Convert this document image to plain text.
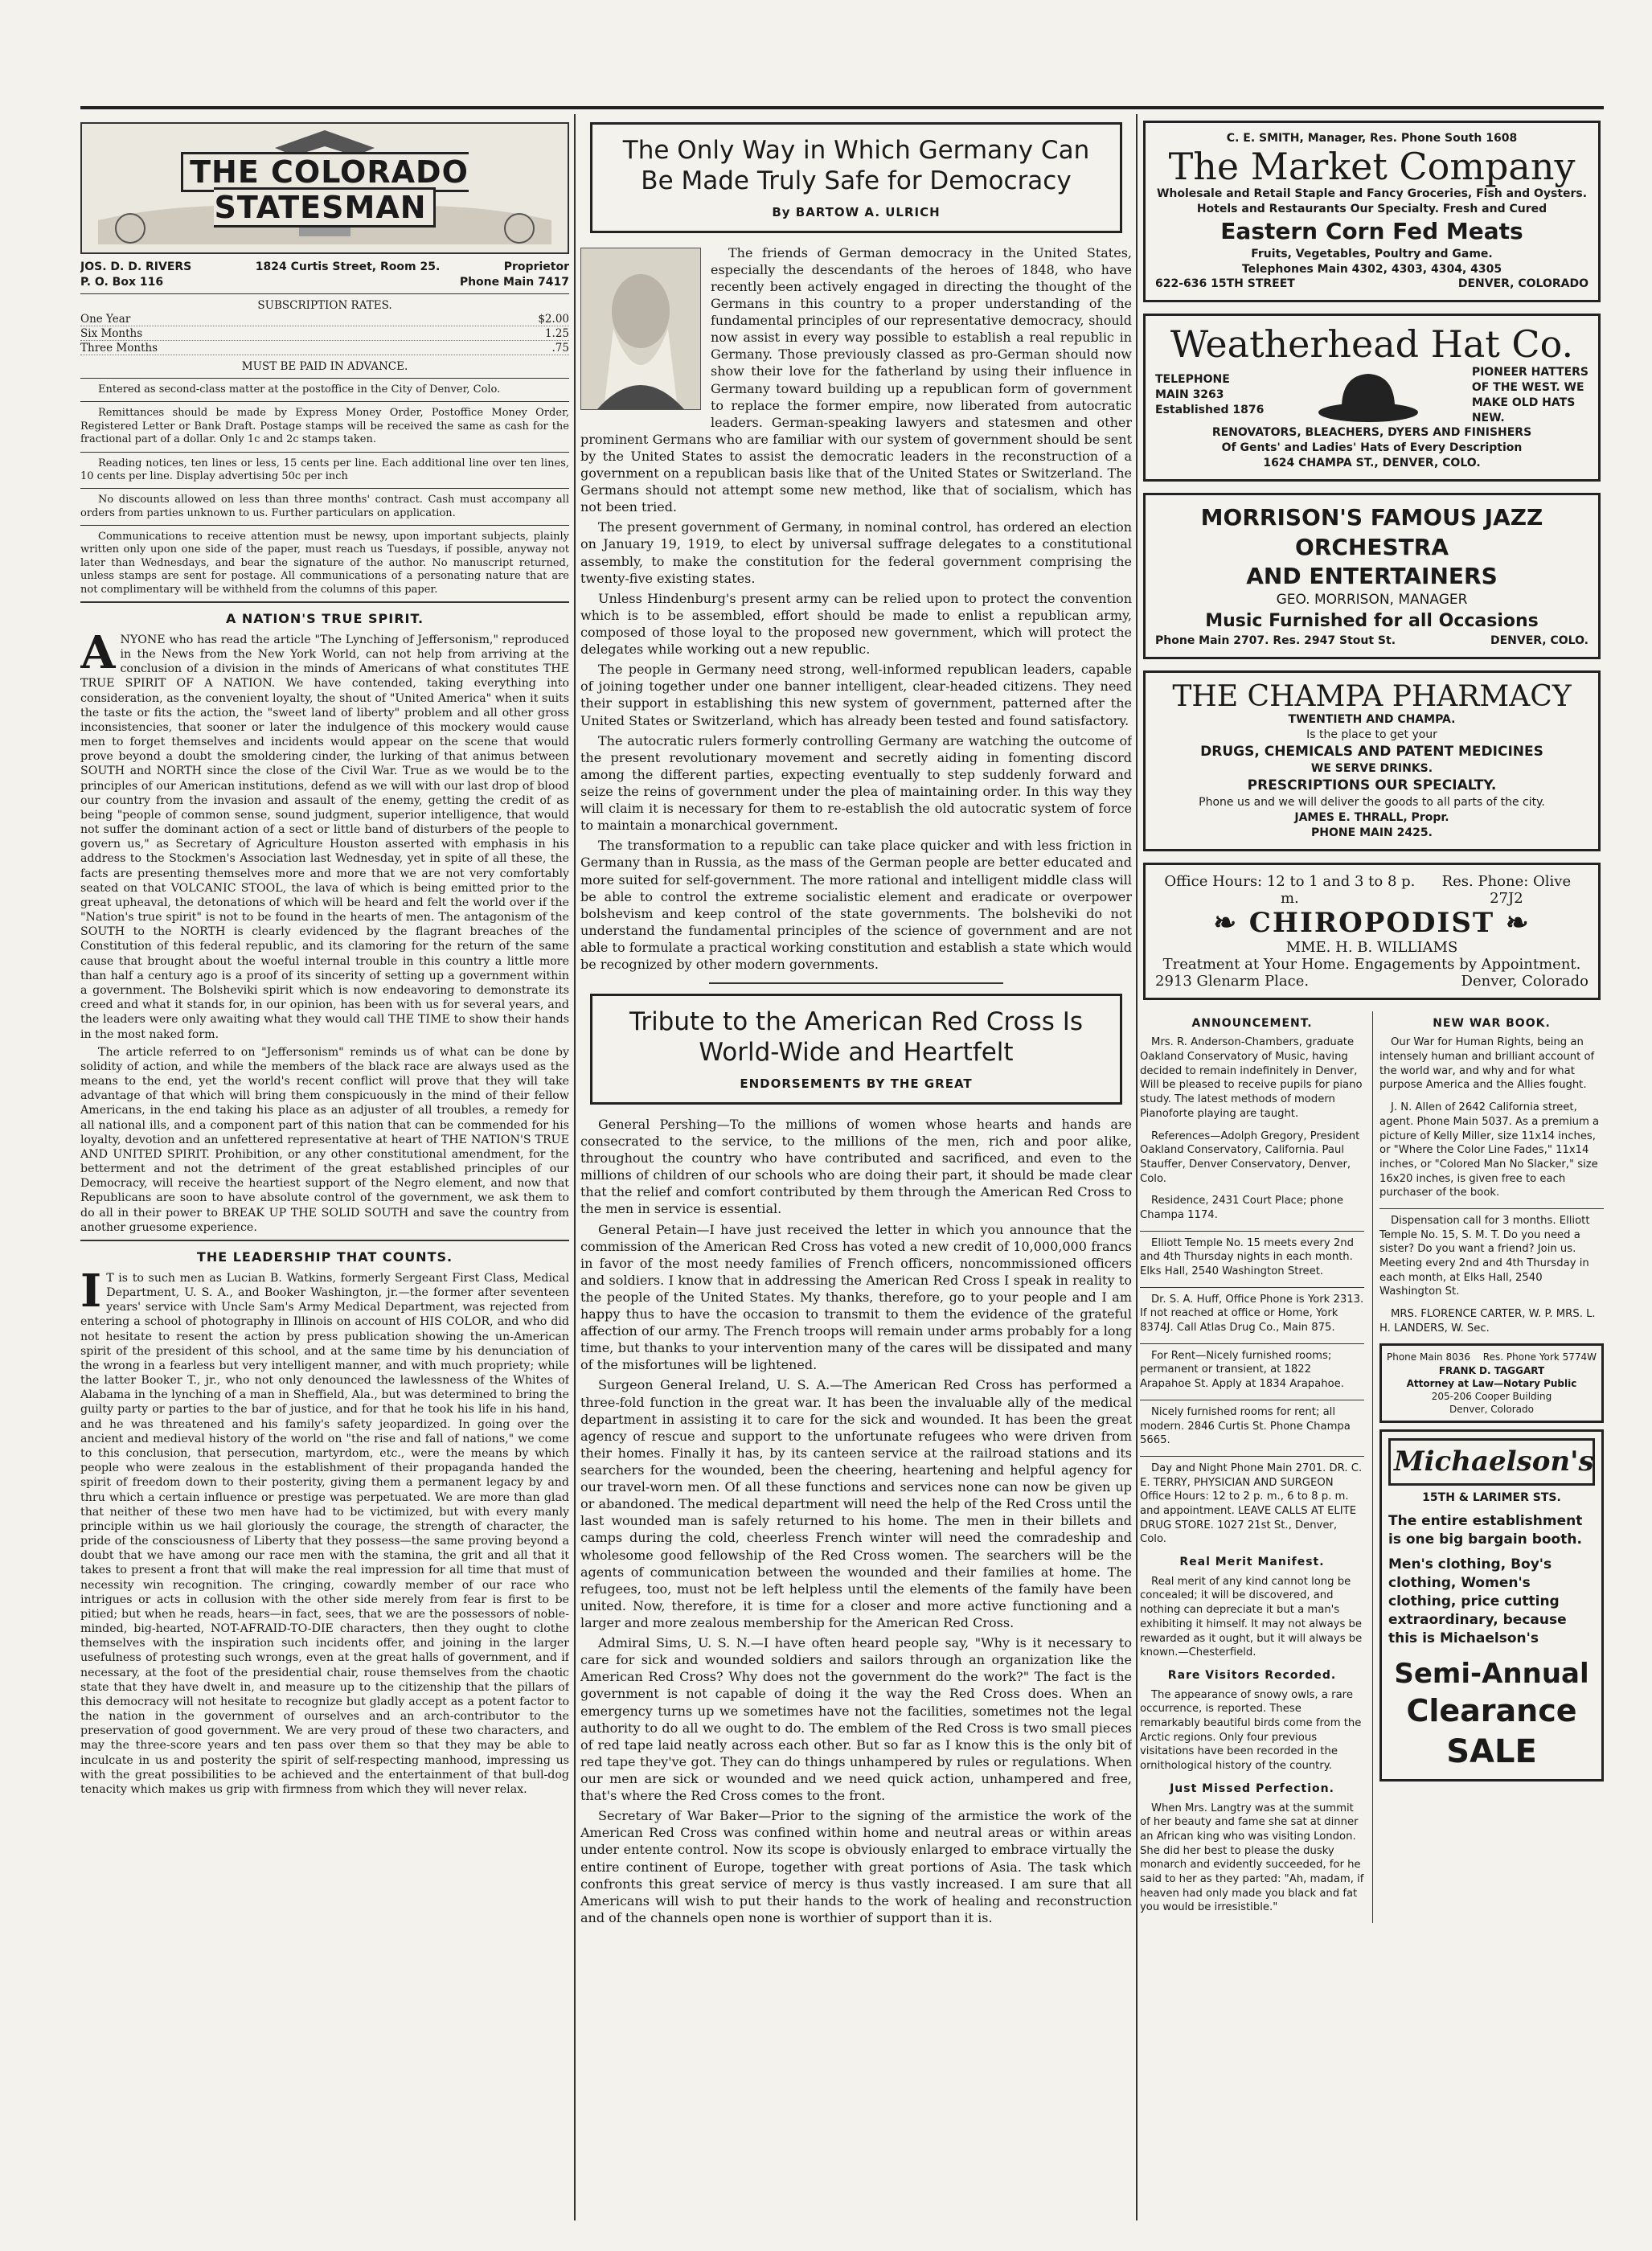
THE COLORADO STATESMAN
JOS. D. D. RIVERS	1824 Curtis Street, Room 25.	Proprietor
P. O. Box 116	Phone Main 7417
SUBSCRIPTION RATES.
One Year	$2.00
Six Months	1.25
Three Months	.75
MUST BE PAID IN ADVANCE.

Entered as second-class matter at the postoffice in the City of Denver, Colo.

Remittances should be made by Express Money Order, Postoffice Money Order, Registered Letter or Bank Draft. Postage stamps will be received the same as cash for the fractional part of a dollar. Only 1c and 2c stamps taken.

Reading notices, ten lines or less, 15 cents per line. Each additional line over ten lines, 10 cents per line. Display advertising 50c per inch

No discounts allowed on less than three months' contract. Cash must accompany all orders from parties unknown to us. Further particulars on application.

Communications to receive attention must be newsy, upon important subjects, plainly written only upon one side of the paper, must reach us Tuesdays, if possible, anyway not later than Wednesdays, and bear the signature of the author. No manuscript returned, unless stamps are sent for postage. All communications of a personating nature that are not complimentary will be withheld from the columns of this paper.

A NATION'S TRUE SPIRIT.
A NYONE who has read the article "The Lynching of Jeffersonism," reproduced in the News from the New York World, can not help from arriving at the conclusion of a division in the minds of Americans of what constitutes THE TRUE SPIRIT OF A NATION. We have contended, taking everything into consideration, as the convenient loyalty, the shout of "United America" when it suits the taste or fits the action, the "sweet land of liberty" problem and all other gross inconsistencies, that sooner or later the indulgence of this mockery would cause men to forget themselves and incidents would appear on the scene that would prove beyond a doubt the smoldering cinder, the lurking of that animus between SOUTH and NORTH since the close of the Civil War. True as we would be to the principles of our American institutions, defend as we will with our last drop of blood our country from the invasion and assault of the enemy, getting the credit of as being "people of common sense, sound judgment, superior intelligence, that would not suffer the dominant action of a sect or little band of disturbers of the people to govern us," as Secretary of Agriculture Houston asserted with emphasis in his address to the Stockmen's Association last Wednesday, yet in spite of all these, the facts are presenting themselves more and more that we are not very comfortably seated on that VOLCANIC STOOL, the lava of which is being emitted prior to the great upheaval, the detonations of which will be heard and felt the world over if the "Nation's true spirit" is not to be found in the hearts of men. The antagonism of the SOUTH to the NORTH is clearly evidenced by the flagrant breaches of the Constitution of this federal republic, and its clamoring for the return of the same cause that brought about the woeful internal trouble in this country a little more than half a century ago is a proof of its sincerity of setting up a government within a government. The Bolsheviki spirit which is now endeavoring to demonstrate its creed and what it stands for, in our opinion, has been with us for several years, and the leaders were only awaiting what they would call THE TIME to show their hands in the most naked form.

The article referred to on "Jeffersonism" reminds us of what can be done by solidity of action, and while the members of the black race are always used as the means to the end, yet the world's recent conflict will prove that they will take advantage of that which will bring them conspicuously in the mind of their fellow Americans, in the end taking his place as an adjuster of all troubles, a remedy for all national ills, and a component part of this nation that can be commended for his loyalty, devotion and an unfettered representative at heart of THE NATION'S TRUE AND UNITED SPIRIT. Prohibition, or any other constitutional amendment, for the betterment and not the detriment of the great established principles of our Democracy, will receive the heartiest support of the Negro element, and now that Republicans are soon to have absolute control of the government, we ask them to do all in their power to BREAK UP THE SOLID SOUTH and save the country from another gruesome experience.

THE LEADERSHIP THAT COUNTS.
I T is to such men as Lucian B. Watkins, formerly Sergeant First Class, Medical Department, U. S. A., and Booker Washington, jr.—the former after seventeen years' service with Uncle Sam's Army Medical Department, was rejected from entering a school of photography in Illinois on account of HIS COLOR, and who did not hesitate to resent the action by press publication showing the un-American spirit of the president of this school, and at the same time by his denunciation of the wrong in a fearless but very intelligent manner, and with much propriety; while the latter Booker T., jr., who not only denounced the lawlessness of the Whites of Alabama in the lynching of a man in Sheffield, Ala., but was determined to bring the guilty party or parties to the bar of justice, and for that he took his life in his hand, and he was threatened and his family's safety jeopardized. In going over the ancient and medieval history of the world on "the rise and fall of nations," we come to this conclusion, that persecution, martyrdom, etc., were the means by which people who were zealous in the establishment of their propaganda handed the spirit of freedom down to their posterity, giving them a permanent legacy by and thru which a certain influence or prestige was perpetuated. We are more than glad that neither of these two men have had to be victimized, but with every manly principle within us we hail gloriously the courage, the strength of character, the pride of the consciousness of Liberty that they possess—the same proving beyond a doubt that we have among our race men with the stamina, the grit and all that it takes to present a front that will make the real impression for all time that must of necessity win recognition. The cringing, cowardly member of our race who intrigues or acts in collusion with the other side merely from fear is first to be pitied; but when he reads, hears—in fact, sees, that we are the possessors of noble-minded, big-hearted, NOT-AFRAID-TO-DIE characters, then they ought to clothe themselves with the inspiration such incidents offer, and joining in the larger usefulness of protesting such wrongs, even at the great halls of government, and if necessary, at the foot of the presidential chair, rouse themselves from the chaotic state that they have dwelt in, and measure up to the citizenship that the pillars of this democracy will not hesitate to recognize but gladly accept as a potent factor to the nation in the government of ourselves and an arch-contributor to the preservation of good government. We are very proud of these two characters, and may the three-score years and ten pass over them so that they may be able to inculcate in us and posterity the spirit of self-respecting manhood, impressing us with the great possibilities to be achieved and the entertainment of that bull-dog tenacity which makes us grip with firmness from which they will never relax.

The Only Way in Which Germany Can Be Made Truly Safe for Democracy
By BARTOW A. ULRICH

The friends of German democracy in the United States, especially the descendants of the heroes of 1848, who have recently been actively engaged in directing the thought of the Germans in this country to a proper understanding of the fundamental principles of our representative democracy, should now assist in every way possible to establish a real republic in Germany. Those previously classed as pro-German should now show their love for the fatherland by using their influence in Germany toward building up a republican form of government to replace the former empire, now liberated from autocratic leaders. German-speaking lawyers and statesmen and other prominent Germans who are familiar with our system of government should be sent by the United States to assist the democratic leaders in the reconstruction of a government on a republican basis like that of the United States or Switzerland. The Germans should not attempt some new method, like that of socialism, which has not been tried.

The present government of Germany, in nominal control, has ordered an election on January 19, 1919, to elect by universal suffrage delegates to a constitutional assembly, to make the constitution for the federal government comprising the twenty-five existing states.

Unless Hindenburg's present army can be relied upon to protect the convention which is to be assembled, effort should be made to enlist a republican army, composed of those loyal to the proposed new government, which will protect the delegates while working out a new republic.

The people in Germany need strong, well-informed republican leaders, capable of joining together under one banner intelligent, clear-headed citizens. They need their support in establishing this new system of government, patterned after the United States or Switzerland, which has already been tested and found satisfactory.

The autocratic rulers formerly controlling Germany are watching the outcome of the present revolutionary movement and secretly aiding in fomenting discord among the different parties, expecting eventually to step suddenly forward and seize the reins of government under the plea of maintaining order. In this way they will claim it is necessary for them to re-establish the old autocratic system of force to maintain a monarchical government.

The transformation to a republic can take place quicker and with less friction in Germany than in Russia, as the mass of the German people are better educated and more suited for self-government. The more rational and intelligent middle class will be able to control the extreme socialistic element and eradicate or overpower bolshevism and keep control of the state governments. The bolsheviki do not understand the fundamental principles of the science of government and are not able to formulate a practical working constitution and establish a state which would be recognized by other modern governments.

Tribute to the American Red Cross Is World-Wide and Heartfelt
ENDORSEMENTS BY THE GREAT

General Pershing—To the millions of women whose hearts and hands are consecrated to the service, to the millions of the men, rich and poor alike, throughout the country who have contributed and sacrificed, and even to the millions of children of our schools who are doing their part, it should be made clear that the relief and comfort contributed by them through the American Red Cross to the men in service is essential.

General Petain—I have just received the letter in which you announce that the commission of the American Red Cross has voted a new credit of 10,000,000 francs in favor of the most needy families of French officers, noncommissioned officers and soldiers. I know that in addressing the American Red Cross I speak in reality to the people of the United States. My thanks, therefore, go to your people and I am happy thus to have the occasion to transmit to them the evidence of the grateful affection of our army. The French troops will remain under arms probably for a long time, but thanks to your intervention many of the cares will be dissipated and many of the misfortunes will be lightened.

Surgeon General Ireland, U. S. A.—The American Red Cross has performed a three-fold function in the great war. It has been the invaluable ally of the medical department in assisting it to care for the sick and wounded. It has been the great agency of rescue and support to the unfortunate refugees who were driven from their homes. Finally it has, by its canteen service at the railroad stations and its searchers for the wounded, been the cheering, heartening and helpful agency for our travel-worn men. Of all these functions and services none can now be given up or abandoned. The medical department will need the help of the Red Cross until the last wounded man is safely returned to his home. The men in their billets and camps during the cold, cheerless French winter will need the comradeship and wholesome good fellowship of the Red Cross women. The searchers will be the agents of communication between the wounded and their families at home. The refugees, too, must not be left helpless until the elements of the family have been united. Now, therefore, it is time for a closer and more active functioning and a larger and more zealous membership for the American Red Cross.

Admiral Sims, U. S. N.—I have often heard people say, "Why is it necessary to care for sick and wounded soldiers and sailors through an organization like the American Red Cross? Why does not the government do the work?" The fact is the government is not capable of doing it the way the Red Cross does. When an emergency turns up we sometimes have not the facilities, sometimes not the legal authority to do all we ought to do. The emblem of the Red Cross is two small pieces of red tape laid neatly across each other. But so far as I know this is the only bit of red tape they've got. They can do things unhampered by rules or regulations. When our men are sick or wounded and we need quick action, unhampered and free, that's where the Red Cross comes to the front.

Secretary of War Baker—Prior to the signing of the armistice the work of the American Red Cross was confined within home and neutral areas or within areas under entente control. Now its scope is obviously enlarged to embrace virtually the entire continent of Europe, together with great portions of Asia. The task which confronts this great service of mercy is thus vastly increased. I am sure that all Americans will wish to put their hands to the work of healing and reconstruction and of the channels open none is worthier of support than it is.

C. E. SMITH, Manager, Res. Phone South 1608
The Market Company
Wholesale and Retail Staple and Fancy Groceries, Fish and Oysters. Hotels and Restaurants Our Specialty. Fresh and Cured
Eastern Corn Fed Meats
Fruits, Vegetables, Poultry and Game.
Telephones Main 4302, 4303, 4304, 4305
622-636 15TH STREET	DENVER, COLORADO
Weatherhead Hat Co.
TELEPHONE
MAIN 3263
Established 1876
PIONEER HATTERS
OF THE WEST. WE
MAKE OLD HATS
NEW.
RENOVATORS, BLEACHERS, DYERS AND FINISHERS
Of Gents' and Ladies' Hats of Every Description
1624 CHAMPA ST., DENVER, COLO.
MORRISON'S FAMOUS JAZZ ORCHESTRA
AND ENTERTAINERS
GEO. MORRISON, MANAGER
Music Furnished for all Occasions
Phone Main 2707. Res. 2947 Stout St.	DENVER, COLO.
THE CHAMPA PHARMACY
TWENTIETH AND CHAMPA.
Is the place to get your
DRUGS, CHEMICALS AND PATENT MEDICINES
WE SERVE DRINKS.
PRESCRIPTIONS OUR SPECIALTY.
Phone us and we will deliver the goods to all parts of the city.
JAMES E. THRALL, Propr.
PHONE MAIN 2425.
Office Hours: 12 to 1 and 3 to 8 p. m.
Res. Phone: Olive 27J2
❧ CHIROPODIST ❧
MME. H. B. WILLIAMS
Treatment at Your Home. Engagements by Appointment.
2913 Glenarm Place.	Denver, Colorado
ANNOUNCEMENT.

Mrs. R. Anderson-Chambers, graduate Oakland Conservatory of Music, having decided to remain indefinitely in Denver, Will be pleased to receive pupils for piano study. The latest methods of modern Pianoforte playing are taught.

References—Adolph Gregory, President Oakland Conservatory, California. Paul Stauffer, Denver Conservatory, Denver, Colo.

Residence, 2431 Court Place; phone Champa 1174.

Elliott Temple No. 15 meets every 2nd and 4th Thursday nights in each month. Elks Hall, 2540 Washington Street.

Dr. S. A. Huff, Office Phone is York 2313. If not reached at office or Home, York 8374J. Call Atlas Drug Co., Main 875.

For Rent—Nicely furnished rooms; permanent or transient, at 1822 Arapahoe St. Apply at 1834 Arapahoe.

Nicely furnished rooms for rent; all modern. 2846 Curtis St. Phone Champa 5665.

Day and Night Phone Main 2701. DR. C. E. TERRY, PHYSICIAN AND SURGEON Office Hours: 12 to 2 p. m., 6 to 8 p. m. and appointment. LEAVE CALLS AT ELITE DRUG STORE. 1027 21st St., Denver, Colo.

Real Merit Manifest.

Real merit of any kind cannot long be concealed; it will be discovered, and nothing can depreciate it but a man's exhibiting it himself. It may not always be rewarded as it ought, but it will always be known.—Chesterfield.

Rare Visitors Recorded.

The appearance of snowy owls, a rare occurrence, is reported. These remarkably beautiful birds come from the Arctic regions. Only four previous visitations have been recorded in the ornithological history of the country.

Just Missed Perfection.

When Mrs. Langtry was at the summit of her beauty and fame she sat at dinner an African king who was visiting London. She did her best to please the dusky monarch and evidently succeeded, for he said to her as they parted: "Ah, madam, if heaven had only made you black and fat you would be irresistible."

NEW WAR BOOK.

Our War for Human Rights, being an intensely human and brilliant account of the world war, and why and for what purpose America and the Allies fought.

J. N. Allen of 2642 California street, agent. Phone Main 5037. As a premium a picture of Kelly Miller, size 11x14 inches, or "Where the Color Line Fades," 11x14 inches, or "Colored Man No Slacker," size 16x20 inches, is given free to each purchaser of the book.

Dispensation call for 3 months. Elliott Temple No. 15, S. M. T. Do you need a sister? Do you want a friend? Join us. Meeting every 2nd and 4th Thursday in each month, at Elks Hall, 2540 Washington St.

MRS. FLORENCE CARTER, W. P. MRS. L. H. LANDERS, W. Sec.

Phone Main 8036 Res. Phone York 5774W
FRANK D. TAGGART
Attorney at Law—Notary Public
205-206 Cooper Building
Denver, Colorado
Michaelson's
15TH & LARIMER STS.
The entire establishment is one big bargain booth.
Men's clothing, Boy's clothing, Women's clothing, price cutting extraordinary, because this is Michaelson's
Semi-Annual
Clearance
SALE
